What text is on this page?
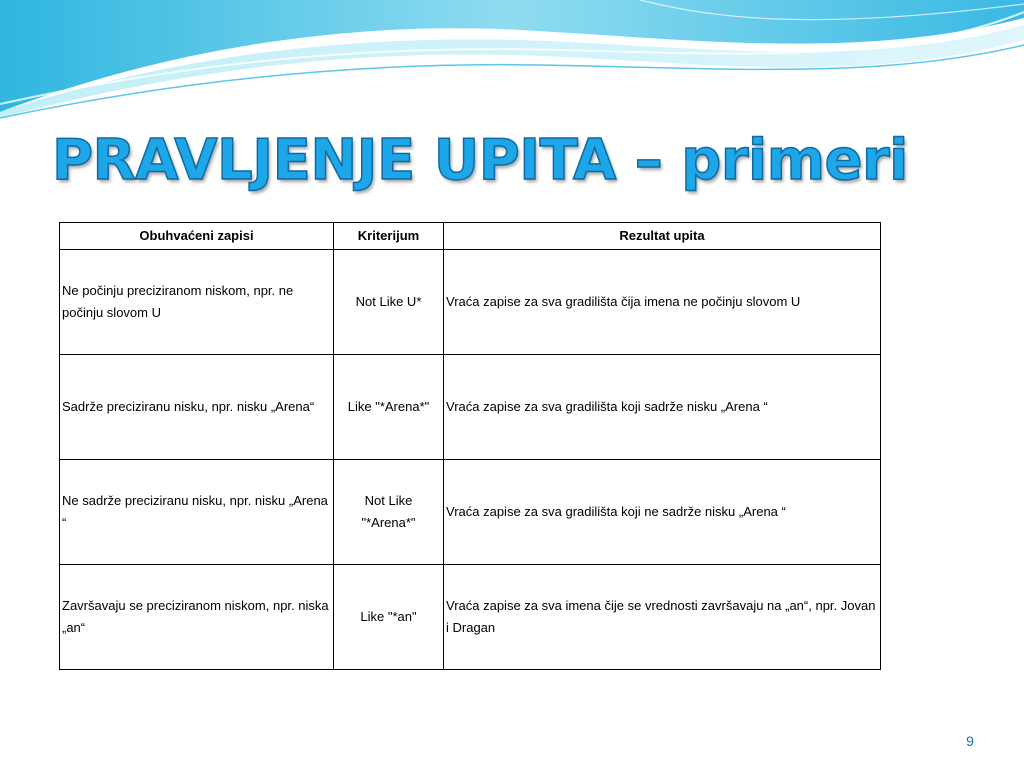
PRAVLJENJE UPITA – primeri
Obuhvaćeni zapisi	Kriterijum	Rezultat upita
Ne počinju preciziranom niskom, npr. ne počinju slovom U	Not Like U*	Vraća zapise za sva gradilišta čija imena ne počinju slovom U
Sadrže preciziranu nisku, npr. nisku „Arena“	Like "*Arena*"	Vraća zapise za sva gradilišta koji sadrže nisku „Arena “
Ne sadrže preciziranu nisku, npr. nisku „Arena “	Not Like "*Arena*"	Vraća zapise za sva gradilišta koji ne sadrže nisku „Arena “
Završavaju se preciziranom niskom, npr. niska „an“	Like "*an"	Vraća zapise za sva imena čije se vrednosti završavaju na „an“, npr. Jovan i Dragan
9
